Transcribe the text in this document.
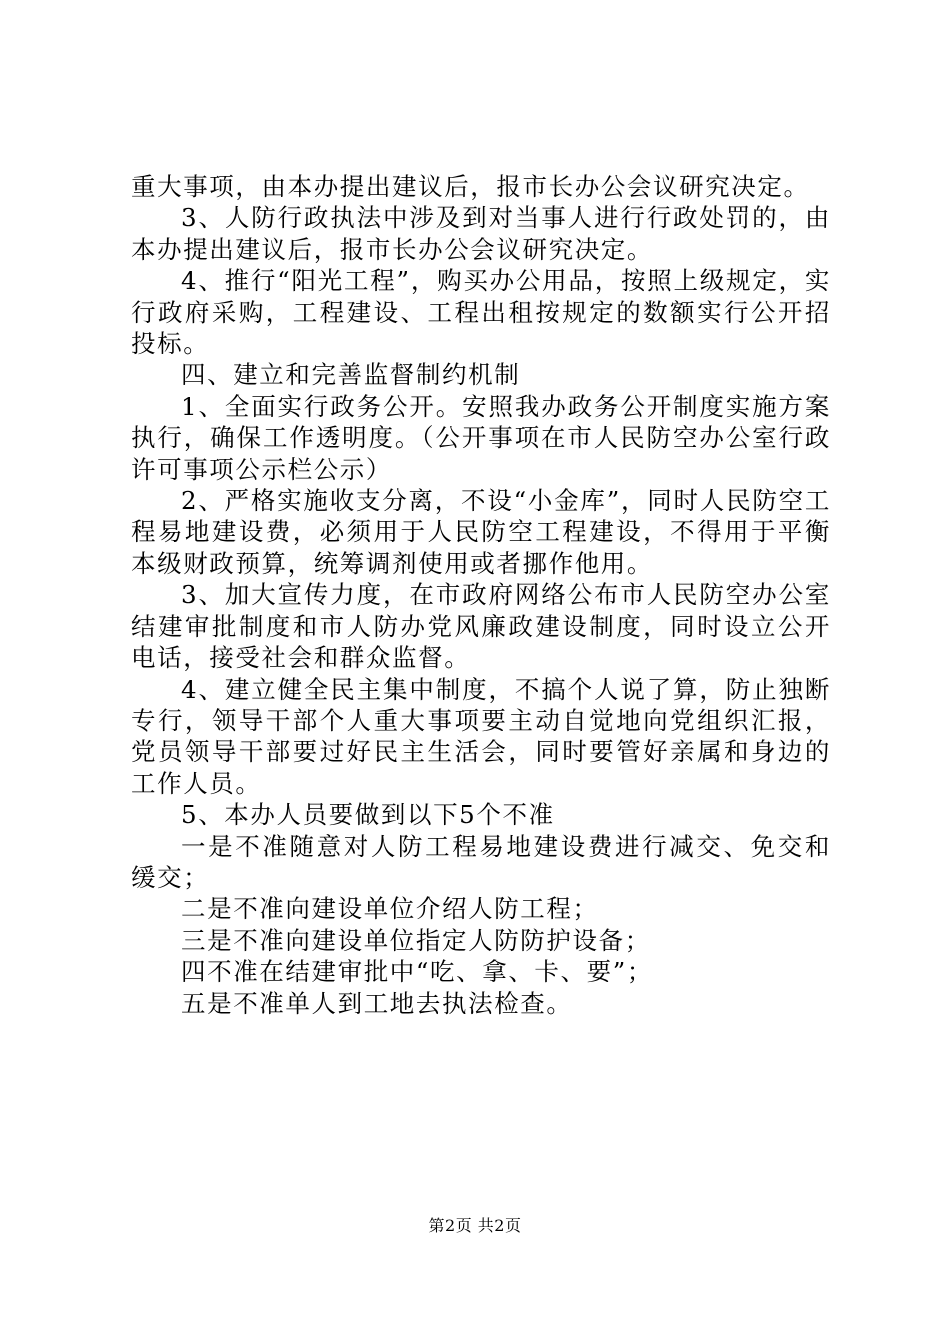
重大事项，由本办提出建议后，报市长办公会议研究决定。

3、人防行政执法中涉及到对当事人进行行政处罚的，由本办提出建议后，报市长办公会议研究决定。

4、推行“阳光工程”，购买办公用品，按照上级规定，实行政府采购，工程建设、工程出租按规定的数额实行公开招投标。

四、建立和完善监督制约机制

1、全面实行政务公开。安照我办政务公开制度实施方案执行，确保工作透明度。（公开事项在市人民防空办公室行政许可事项公示栏公示）

2、严格实施收支分离，不设“小金库”，同时人民防空工程易地建设费，必须用于人民防空工程建设，不得用于平衡本级财政预算，统筹调剂使用或者挪作他用。

3、加大宣传力度，在市政府网络公布市人民防空办公室结建审批制度和市人防办党风廉政建设制度，同时设立公开电话，接受社会和群众监督。

4、建立健全民主集中制度，不搞个人说了算，防止独断专行，领导干部个人重大事项要主动自觉地向党组织汇报，党员领导干部要过好民主生活会，同时要管好亲属和身边的工作人员。

5、本办人员要做到以下5个不准

一是不准随意对人防工程易地建设费进行减交、免交和缓交；

二是不准向建设单位介绍人防工程；

三是不准向建设单位指定人防防护设备；

四不准在结建审批中“吃、拿、卡、要”；

五是不准单人到工地去执法检查。

第2页 共2页
